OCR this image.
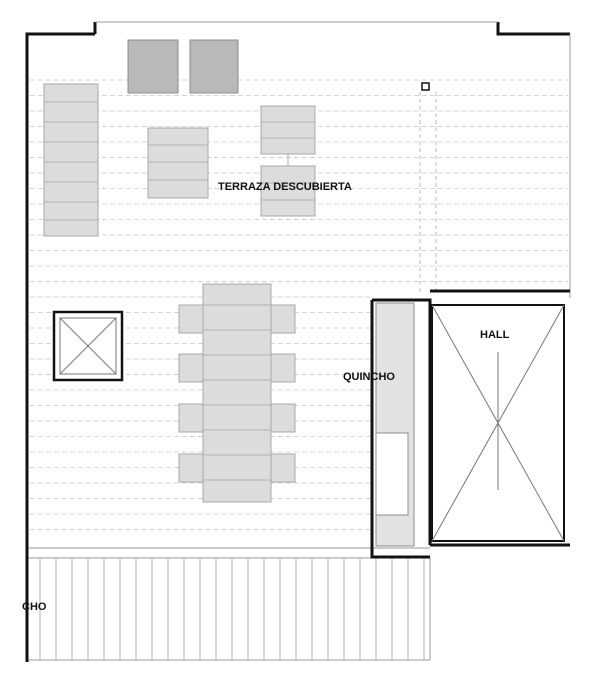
TERRAZA DESCUBIERTA
QUINCHO
HALL
CHO
